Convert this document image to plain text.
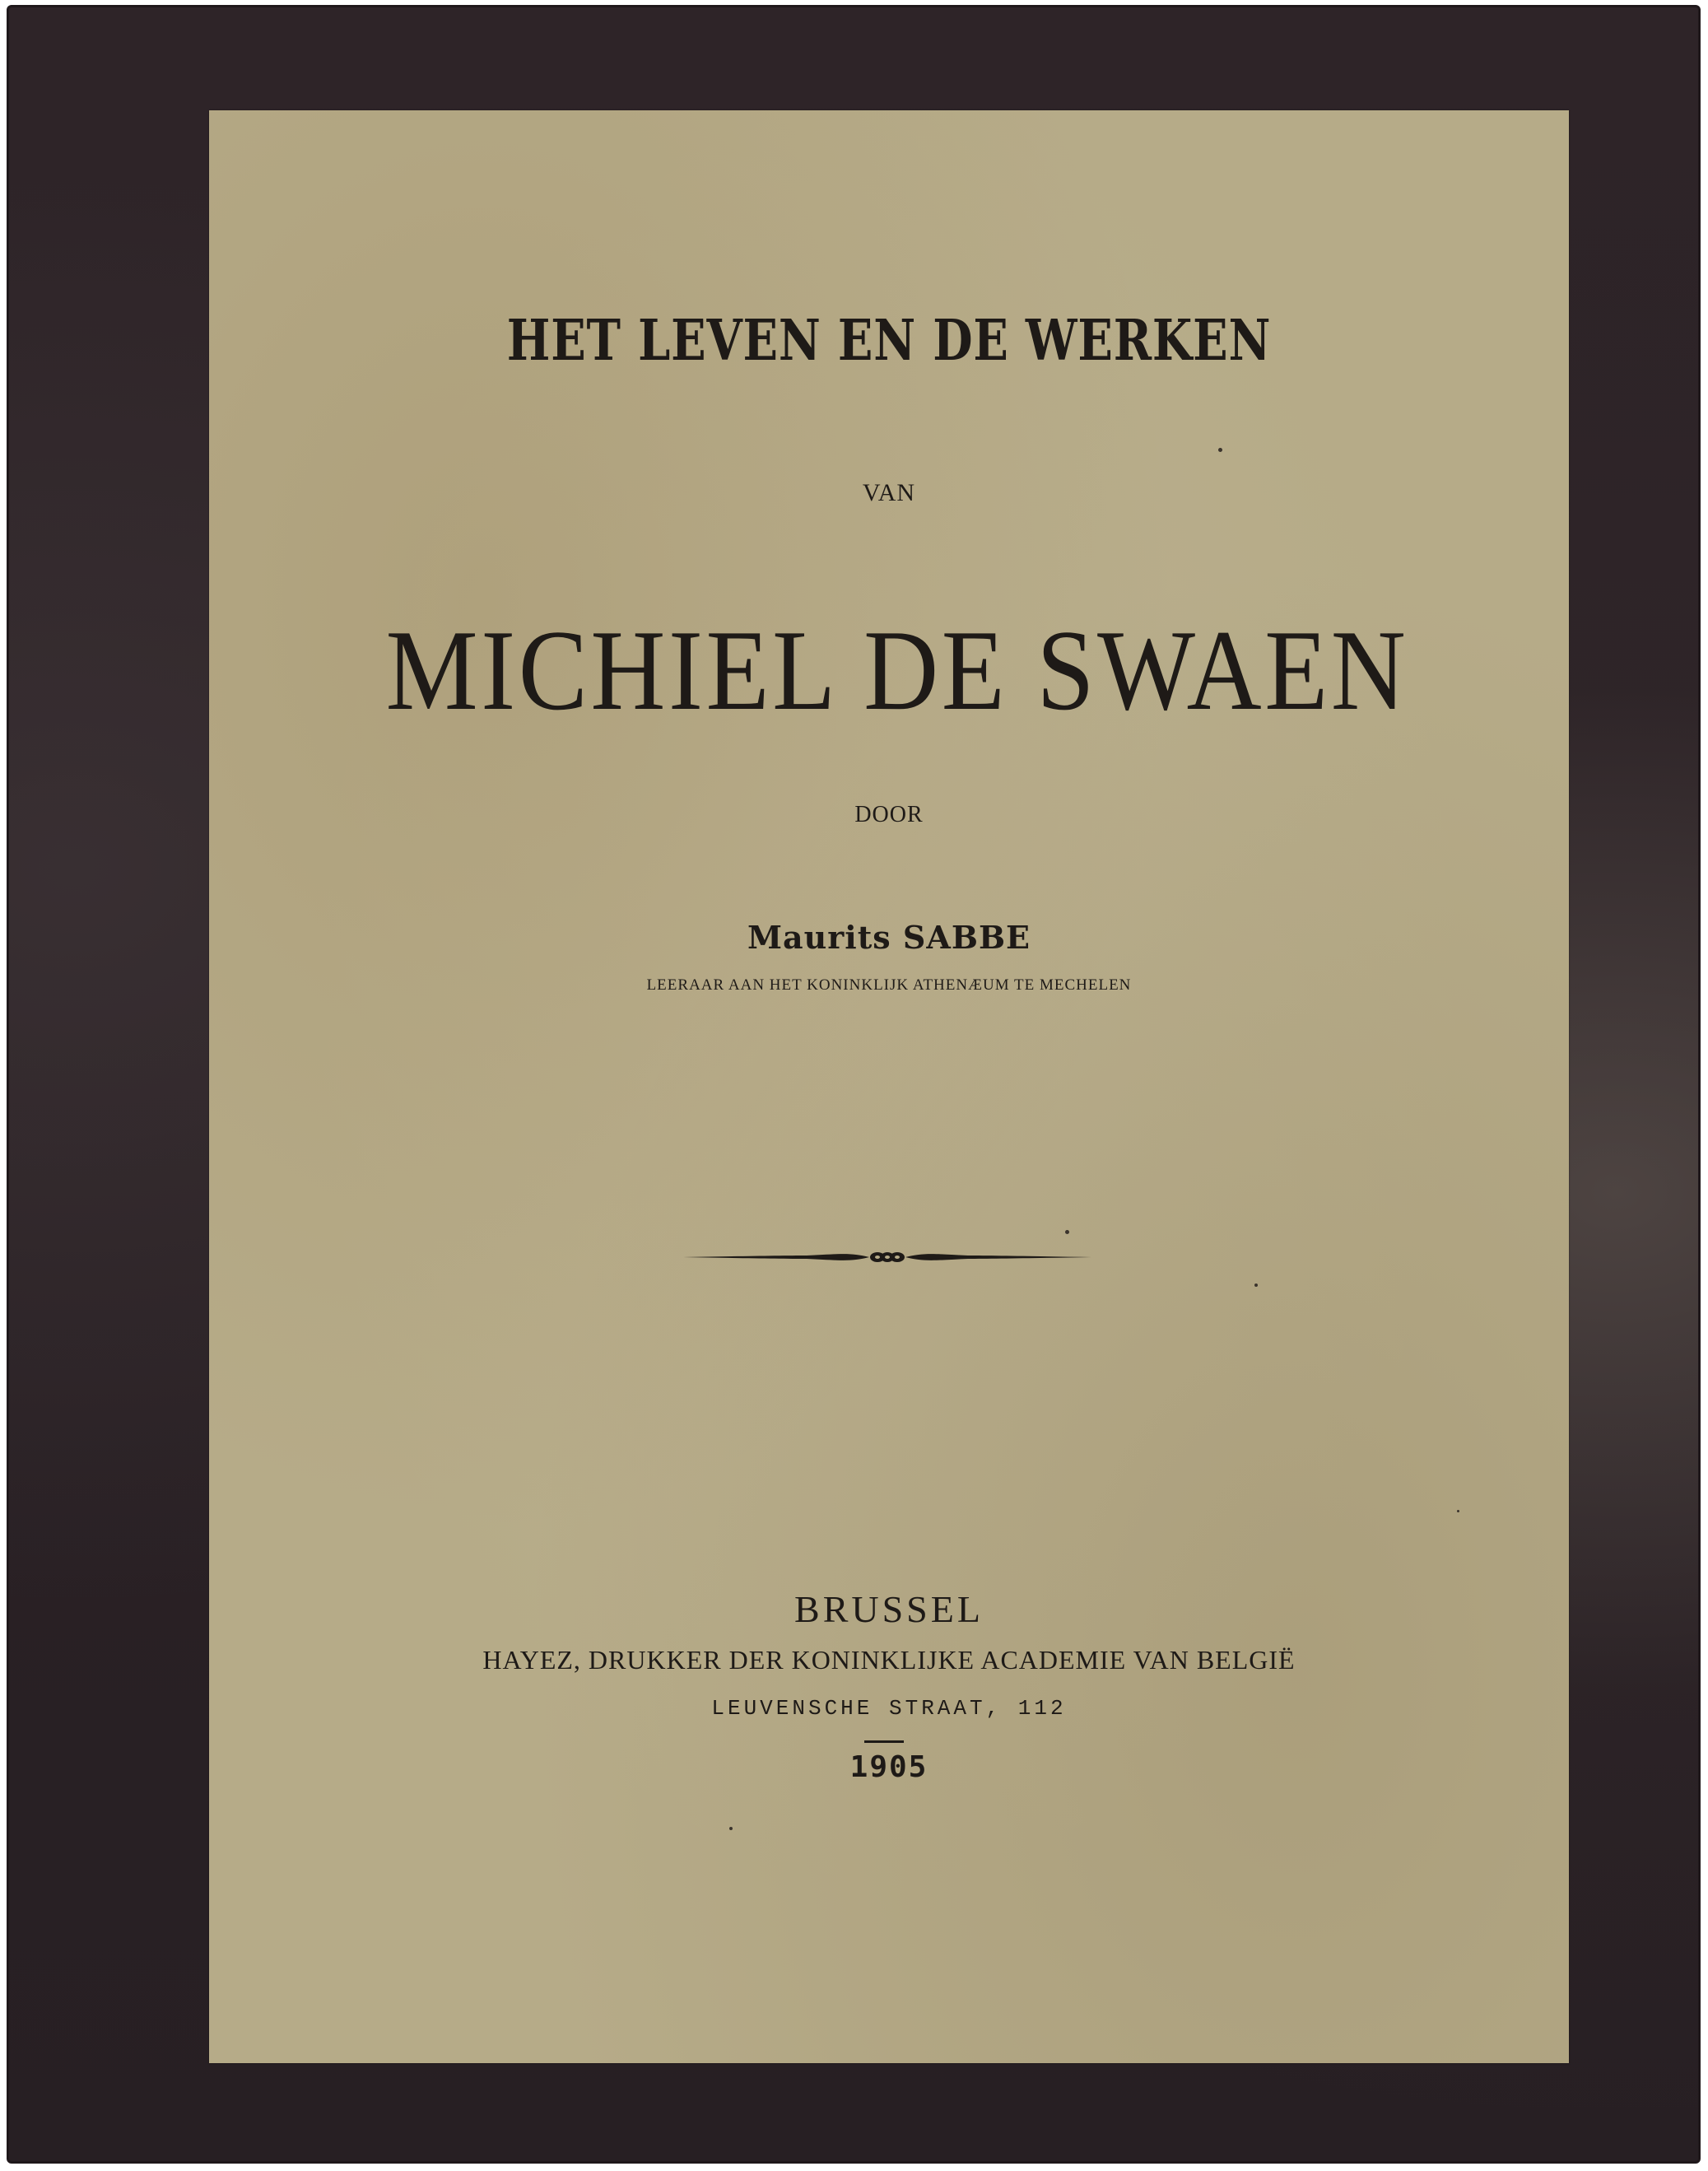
HET LEVEN EN DE WERKEN
VAN
MICHIEL DE SWAEN
DOOR
Maurits SABBE
LEERAAR AAN HET KONINKLIJK ATHENÆUM TE MECHELEN
BRUSSEL
HAYEZ, DRUKKER DER KONINKLIJKE ACADEMIE VAN BELGIË
LEUVENSCHE STRAAT, 112
1905
